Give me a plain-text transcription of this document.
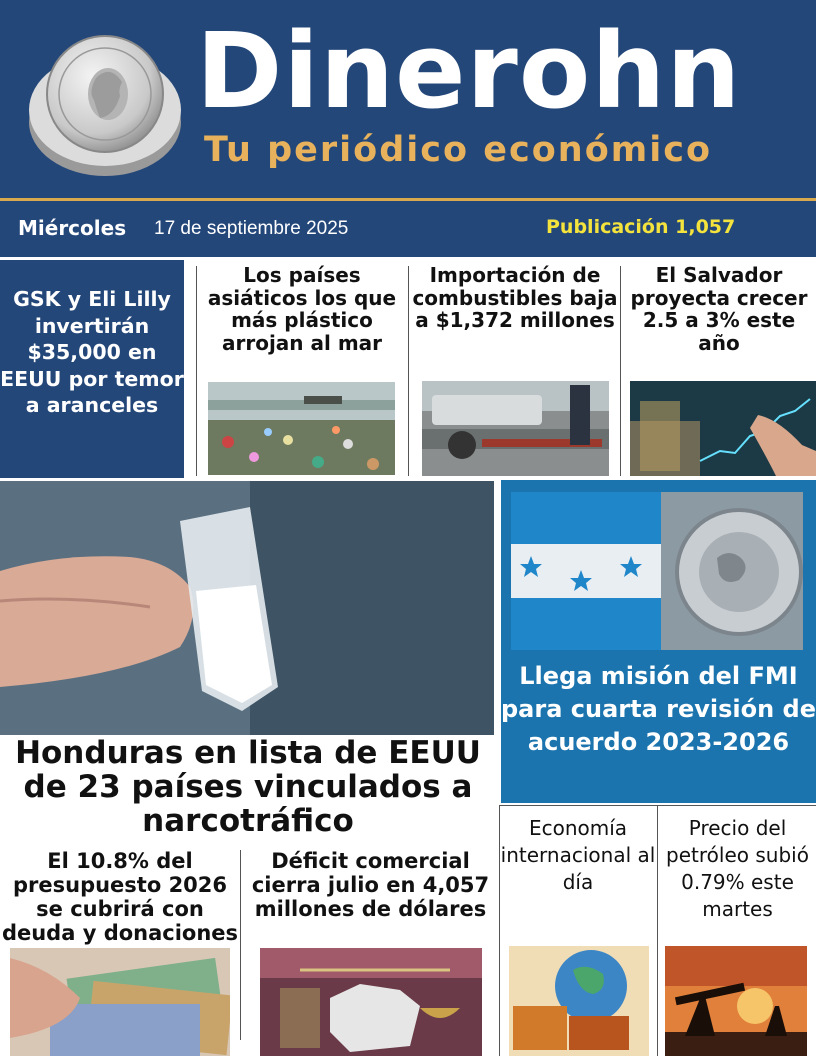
Dinerohn
Tu periódico económico
Miércoles 17 de septiembre 2025	Publicación 1,057
GSK y Eli Lilly invertirán $35,000 en EEUU por temor a aranceles
Los países asiáticos los que más plástico arrojan al mar
Importación de combustibles baja a $1,372 millones
El Salvador proyecta crecer 2.5 a 3% este año
Honduras en lista de EEUU de 23 países vinculados a narcotráfico
Llega misión del FMI para cuarta revisión de acuerdo 2023-2026
El 10.8% del presupuesto 2026 se cubrirá con deuda y donaciones
Déficit comercial cierra julio en 4,057 millones de dólares
Economía internacional al día
Precio del petróleo subió 0.79% este martes
